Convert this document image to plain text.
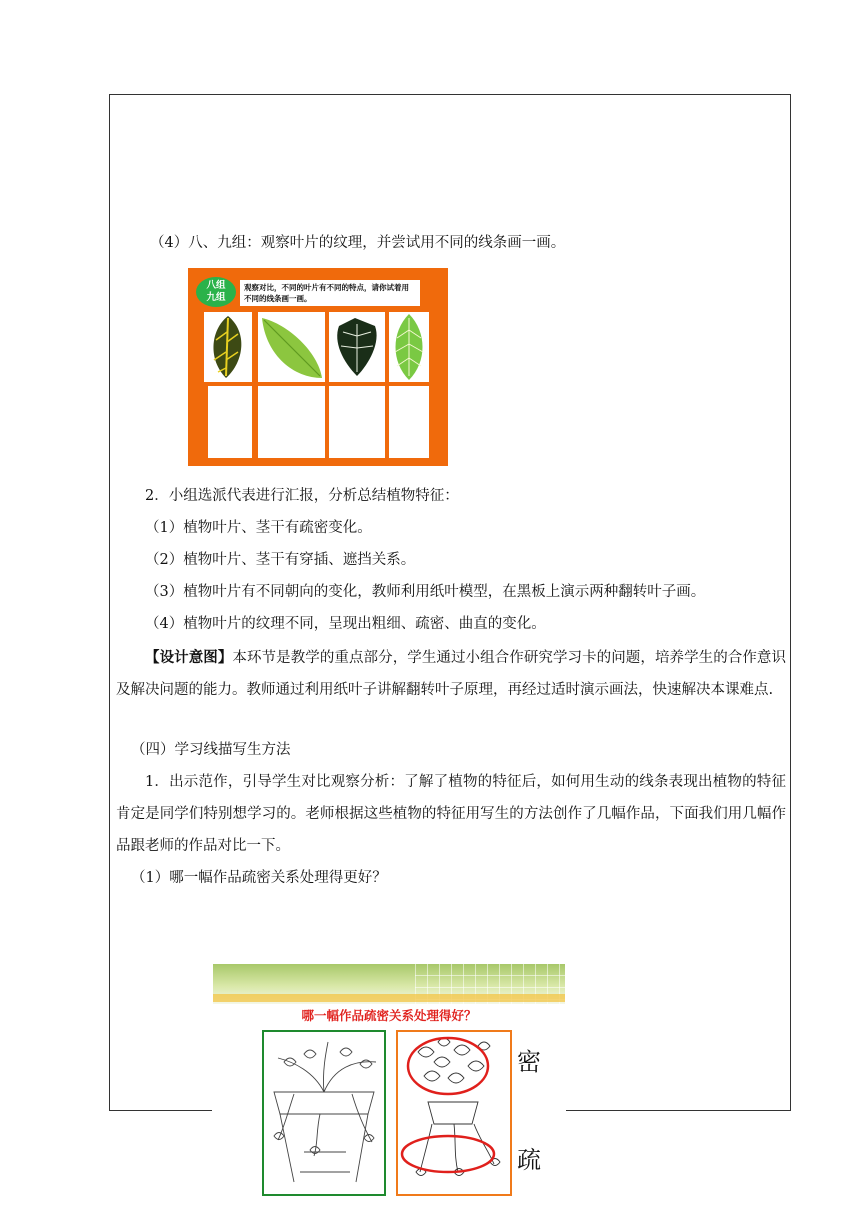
（4）八、九组：观察叶片的纹理，并尝试用不同的线条画一画。
八组
九组
观察对比，不同的叶片有不同的特点，请你试着用不同的线条画一画。
2．小组选派代表进行汇报，分析总结植物特征：
（1）植物叶片、茎干有疏密变化。
（2）植物叶片、茎干有穿插、遮挡关系。
（3）植物叶片有不同朝向的变化，教师利用纸叶模型，在黑板上演示两种翻转叶子画。
（4）植物叶片的纹理不同，呈现出粗细、疏密、曲直的变化。
【设计意图】本环节是教学的重点部分，学生通过小组合作研究学习卡的问题，培养学生的合作意识及解决问题的能力。教师通过利用纸叶子讲解翻转叶子原理，再经过适时演示画法，快速解决本课难点.
（四）学习线描写生方法
1．出示范作，引导学生对比观察分析：了解了植物的特征后，如何用生动的线条表现出植物的特征肯定是同学们特别想学习的。老师根据这些植物的特征用写生的方法创作了几幅作品，下面我们用几幅作品跟老师的作品对比一下。
（1）哪一幅作品疏密关系处理得更好？
哪一幅作品疏密关系处理得好？
密
疏
